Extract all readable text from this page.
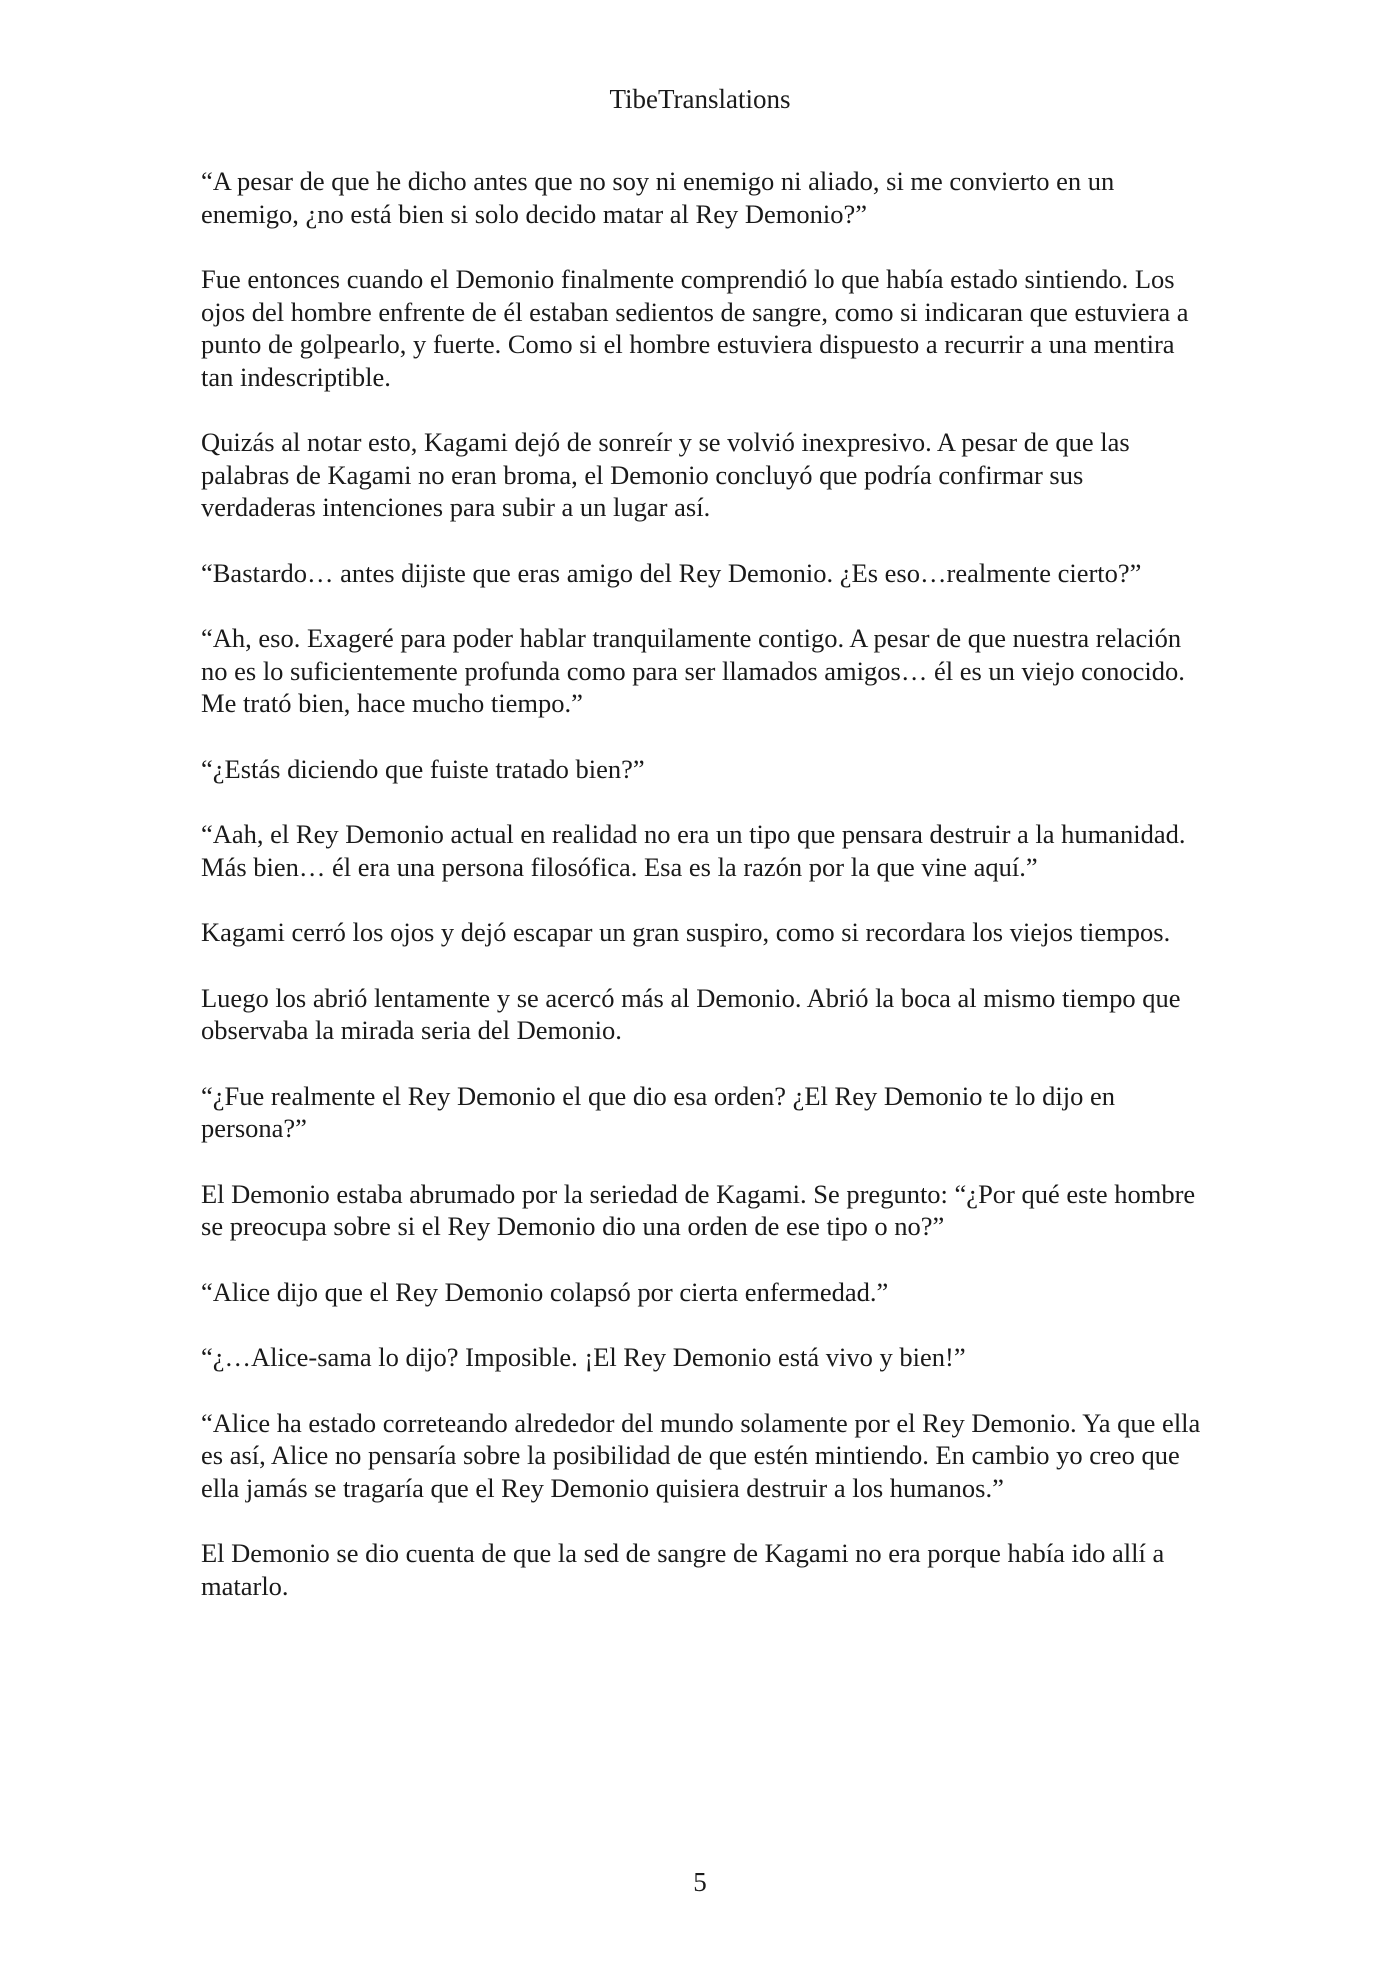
TibeTranslations

“A pesar de que he dicho antes que no soy ni enemigo ni aliado, si me convierto en un enemigo, ¿no está bien si solo decido matar al Rey Demonio?”

Fue entonces cuando el Demonio finalmente comprendió lo que había estado sintiendo. Los ojos del hombre enfrente de él estaban sedientos de sangre, como si indicaran que estuviera a punto de golpearlo, y fuerte. Como si el hombre estuviera dispuesto a recurrir a una mentira tan indescriptible.

Quizás al notar esto, Kagami dejó de sonreír y se volvió inexpresivo. A pesar de que las palabras de Kagami no eran broma, el Demonio concluyó que podría confirmar sus verdaderas intenciones para subir a un lugar así.

“Bastardo… antes dijiste que eras amigo del Rey Demonio. ¿Es eso…realmente cierto?”

“Ah, eso. Exageré para poder hablar tranquilamente contigo. A pesar de que nuestra relación no es lo suficientemente profunda como para ser llamados amigos… él es un viejo conocido. Me trató bien, hace mucho tiempo.”

“¿Estás diciendo que fuiste tratado bien?”

“Aah, el Rey Demonio actual en realidad no era un tipo que pensara destruir a la humanidad. Más bien… él era una persona filosófica. Esa es la razón por la que vine aquí.”

Kagami cerró los ojos y dejó escapar un gran suspiro, como si recordara los viejos tiempos.

Luego los abrió lentamente y se acercó más al Demonio. Abrió la boca al mismo tiempo que observaba la mirada seria del Demonio.

“¿Fue realmente el Rey Demonio el que dio esa orden? ¿El Rey Demonio te lo dijo en persona?”

El Demonio estaba abrumado por la seriedad de Kagami. Se pregunto: “¿Por qué este hombre se preocupa sobre si el Rey Demonio dio una orden de ese tipo o no?”

“Alice dijo que el Rey Demonio colapsó por cierta enfermedad.”

“¿…Alice-sama lo dijo? Imposible. ¡El Rey Demonio está vivo y bien!”

“Alice ha estado correteando alrededor del mundo solamente por el Rey Demonio. Ya que ella es así, Alice no pensaría sobre la posibilidad de que estén mintiendo. En cambio yo creo que ella jamás se tragaría que el Rey Demonio quisiera destruir a los humanos.”

El Demonio se dio cuenta de que la sed de sangre de Kagami no era porque había ido allí a matarlo.

5
